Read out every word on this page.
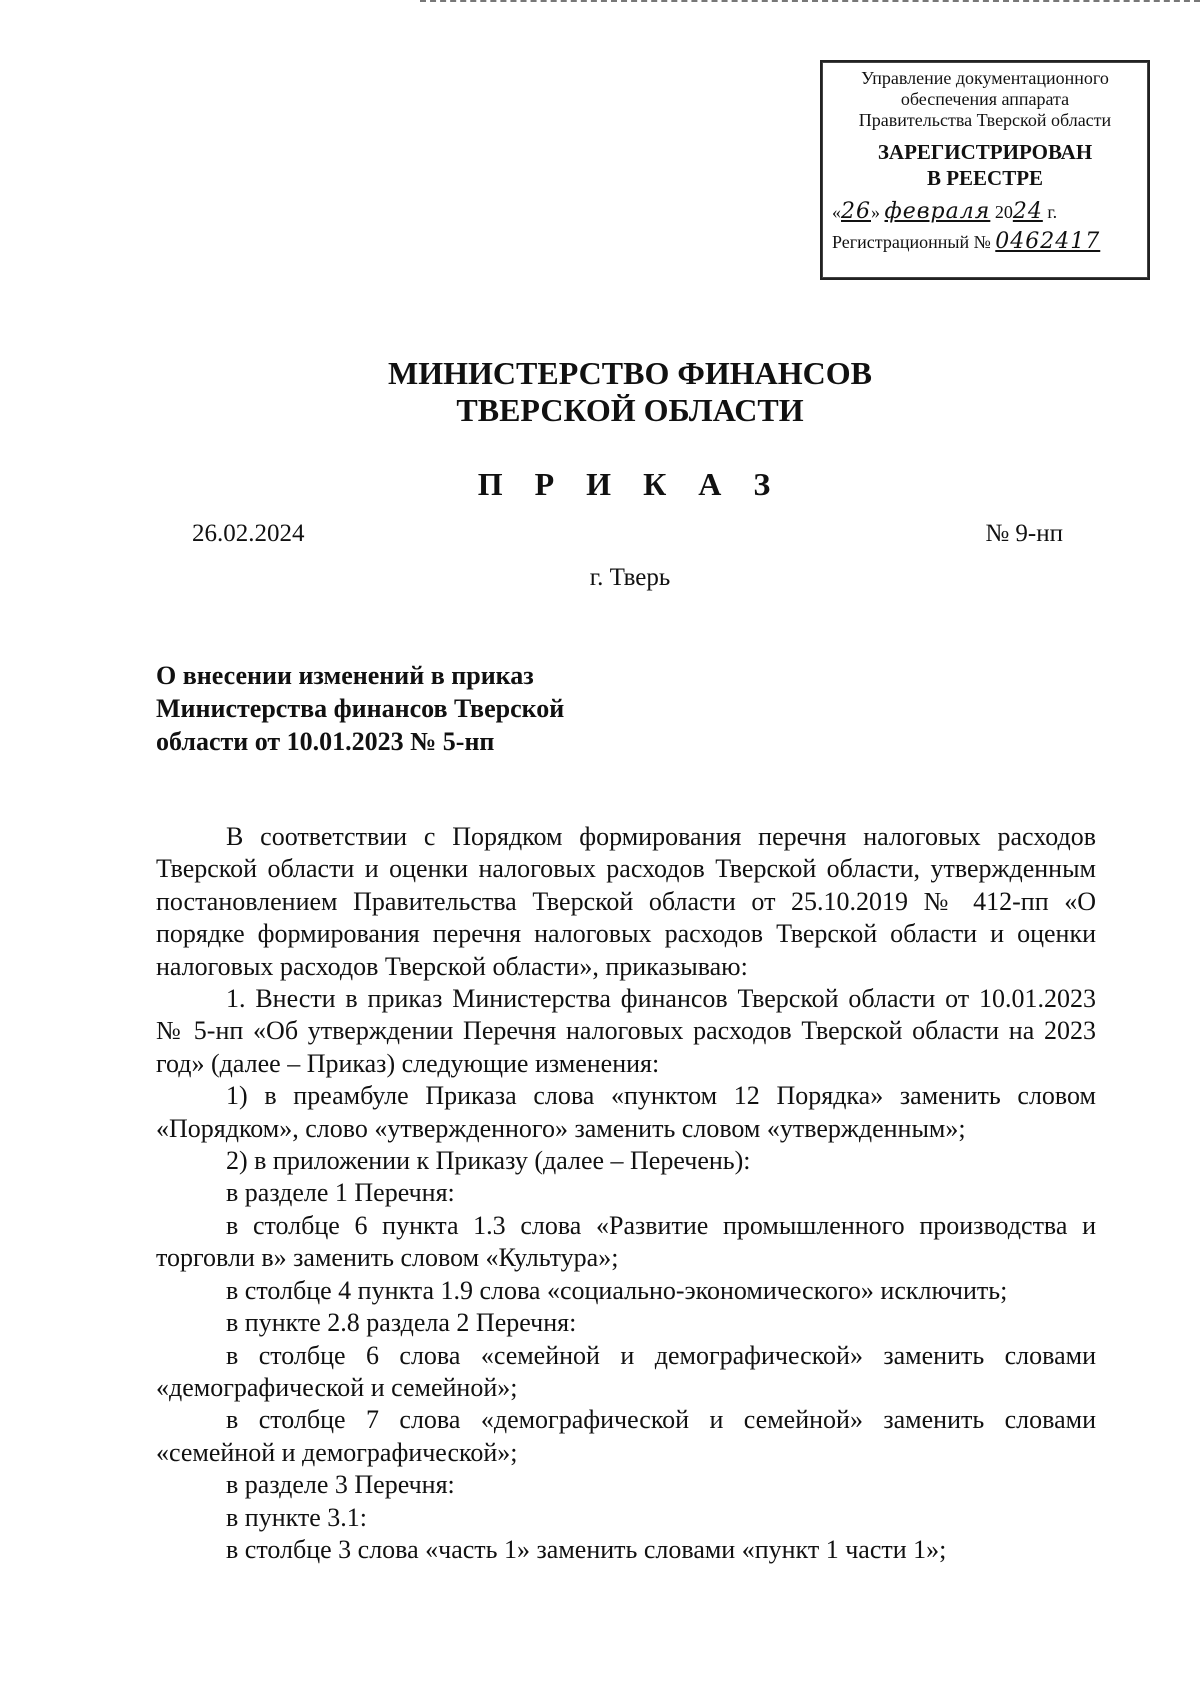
Управление документационного
обеспечения аппарата
Правительства Тверской области
ЗАРЕГИСТРИРОВАН
В РЕЕСТРЕ
«26» февраля 2024 г.
Регистрационный № 0462417
МИНИСТЕРСТВО ФИНАНСОВ
ТВЕРСКОЙ ОБЛАСТИ
П Р И К А З
26.02.2024	№ 9-нп
г. Тверь
О внесении изменений в приказ
Министерства финансов Тверской
области от 10.01.2023 № 5-нп

В соответствии с Порядком формирования перечня налоговых расходов Тверской области и оценки налоговых расходов Тверской области, утвержденным постановлением Правительства Тверской области от 25.10.2019 № 412-пп «О порядке формирования перечня налоговых расходов Тверской области и оценки налоговых расходов Тверской области», приказываю:

1. Внести в приказ Министерства финансов Тверской области от 10.01.2023 № 5-нп «Об утверждении Перечня налоговых расходов Тверской области на 2023 год» (далее – Приказ) следующие изменения:

1) в преамбуле Приказа слова «пунктом 12 Порядка» заменить словом «Порядком», слово «утвержденного» заменить словом «утвержденным»;

2) в приложении к Приказу (далее – Перечень):

в разделе 1 Перечня:

в столбце 6 пункта 1.3 слова «Развитие промышленного производства и торговли в» заменить словом «Культура»;

в столбце 4 пункта 1.9 слова «социально-экономического» исключить;

в пункте 2.8 раздела 2 Перечня:

в столбце 6 слова «семейной и демографической» заменить словами «демографической и семейной»;

в столбце 7 слова «демографической и семейной» заменить словами «семейной и демографической»;

в разделе 3 Перечня:

в пункте 3.1:

в столбце 3 слова «часть 1» заменить словами «пункт 1 части 1»;
